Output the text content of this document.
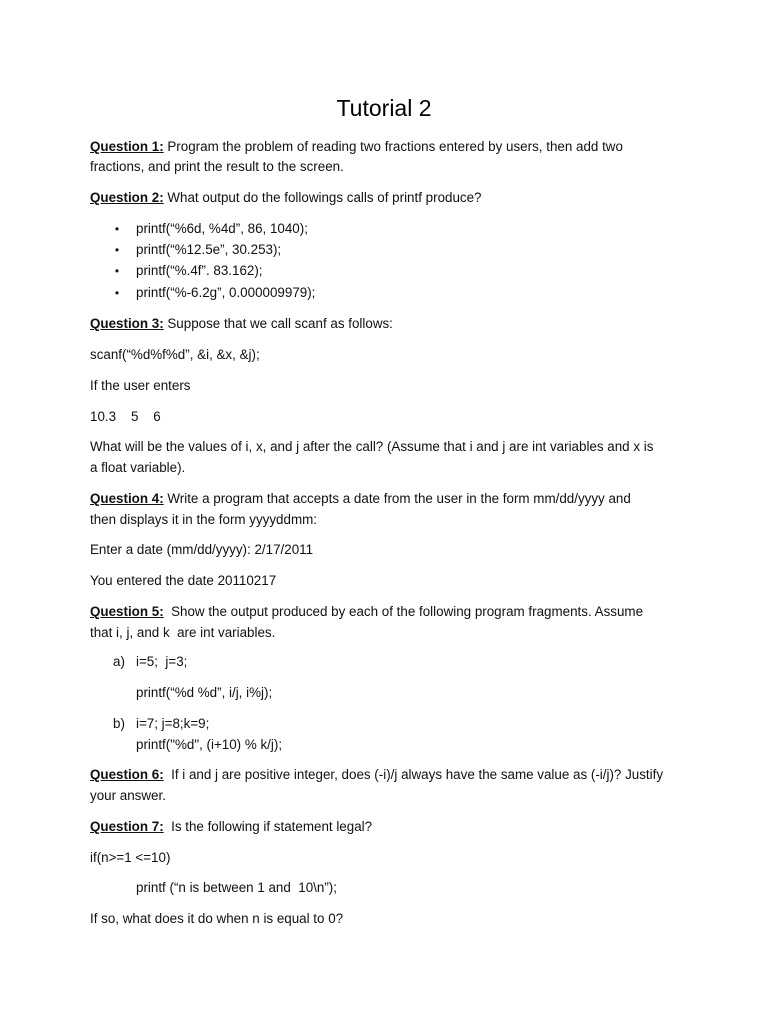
Tutorial 2
Question 1: Program the problem of reading two fractions entered by users, then add two
fractions, and print the result to the screen.
Question 2: What output do the followings calls of printf produce?
• printf(“%6d, %4d”, 86, 1040);
• printf(“%12.5e”, 30.253);
• printf(“%.4f”. 83.162);
• printf(“%-6.2g”, 0.000009979);
Question 3: Suppose that we call scanf as follows:
scanf(“%d%f%d”, &i, &x, &j);
If the user enters
10.3    5    6
What will be the values of i, x, and j after the call? (Assume that i and j are int variables and x is
a float variable).
Question 4: Write a program that accepts a date from the user in the form mm/dd/yyyy and
then displays it in the form yyyyddmm:
Enter a date (mm/dd/yyyy): 2/17/2011
You entered the date 20110217
Question 5:  Show the output produced by each of the following program fragments. Assume
that i, j, and k  are int variables.
a) i=5;  j=3;
printf(“%d %d”, i/j, i%j);
b) i=7; j=8;k=9;
printf("%d", (i+10) % k/j);
Question 6:  If i and j are positive integer, does (-i)/j always have the same value as (-i/j)? Justify
your answer.
Question 7:  Is the following if statement legal?
if(n>=1 <=10)
printf (“n is between 1 and  10\n”);
If so, what does it do when n is equal to 0?
